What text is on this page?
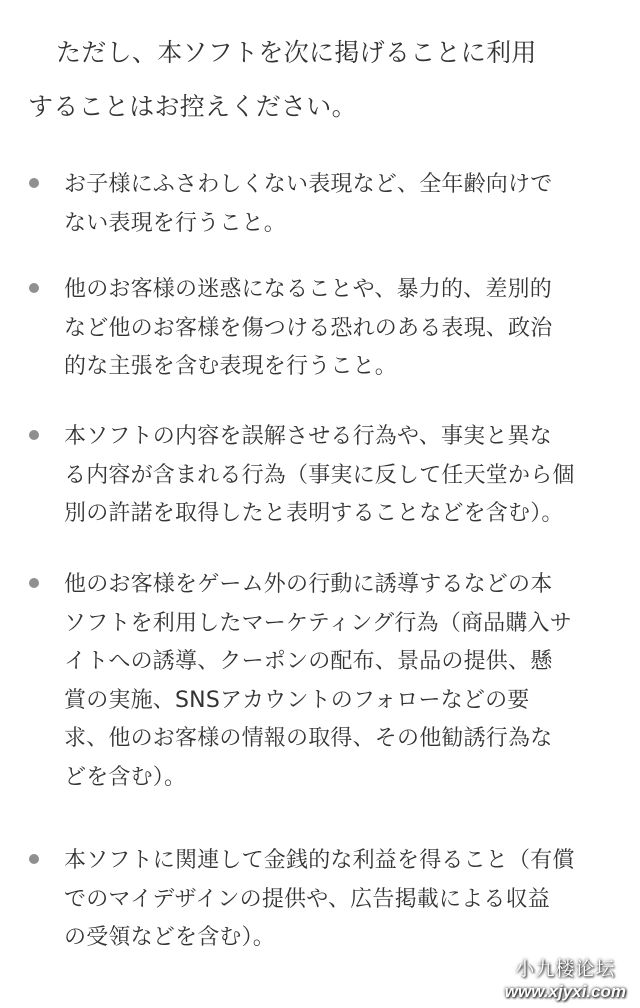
ただし、本ソフトを次に掲げることに利用
することはお控えください。

お子様にふさわしくない表現など、全年齢向けで
ない表現を行うこと。
他のお客様の迷惑になることや、暴力的、差別的
など他のお客様を傷つける恐れのある表現、政治
的な主張を含む表現を行うこと。
本ソフトの内容を誤解させる行為や、事実と異な
る内容が含まれる行為（事実に反して任天堂から個
別の許諾を取得したと表明することなどを含む）。
他のお客様をゲーム外の行動に誘導するなどの本
ソフトを利用したマーケティング行為（商品購入サ
イトへの誘導、クーポンの配布、景品の提供、懸
賞の実施、SNSアカウントのフォローなどの要
求、他のお客様の情報の取得、その他勧誘行為な
どを含む）。
本ソフトに関連して金銭的な利益を得ること（有償
でのマイデザインの提供や、広告掲載による収益
の受領などを含む）。
小九楼论坛
www.xjyxi.com
